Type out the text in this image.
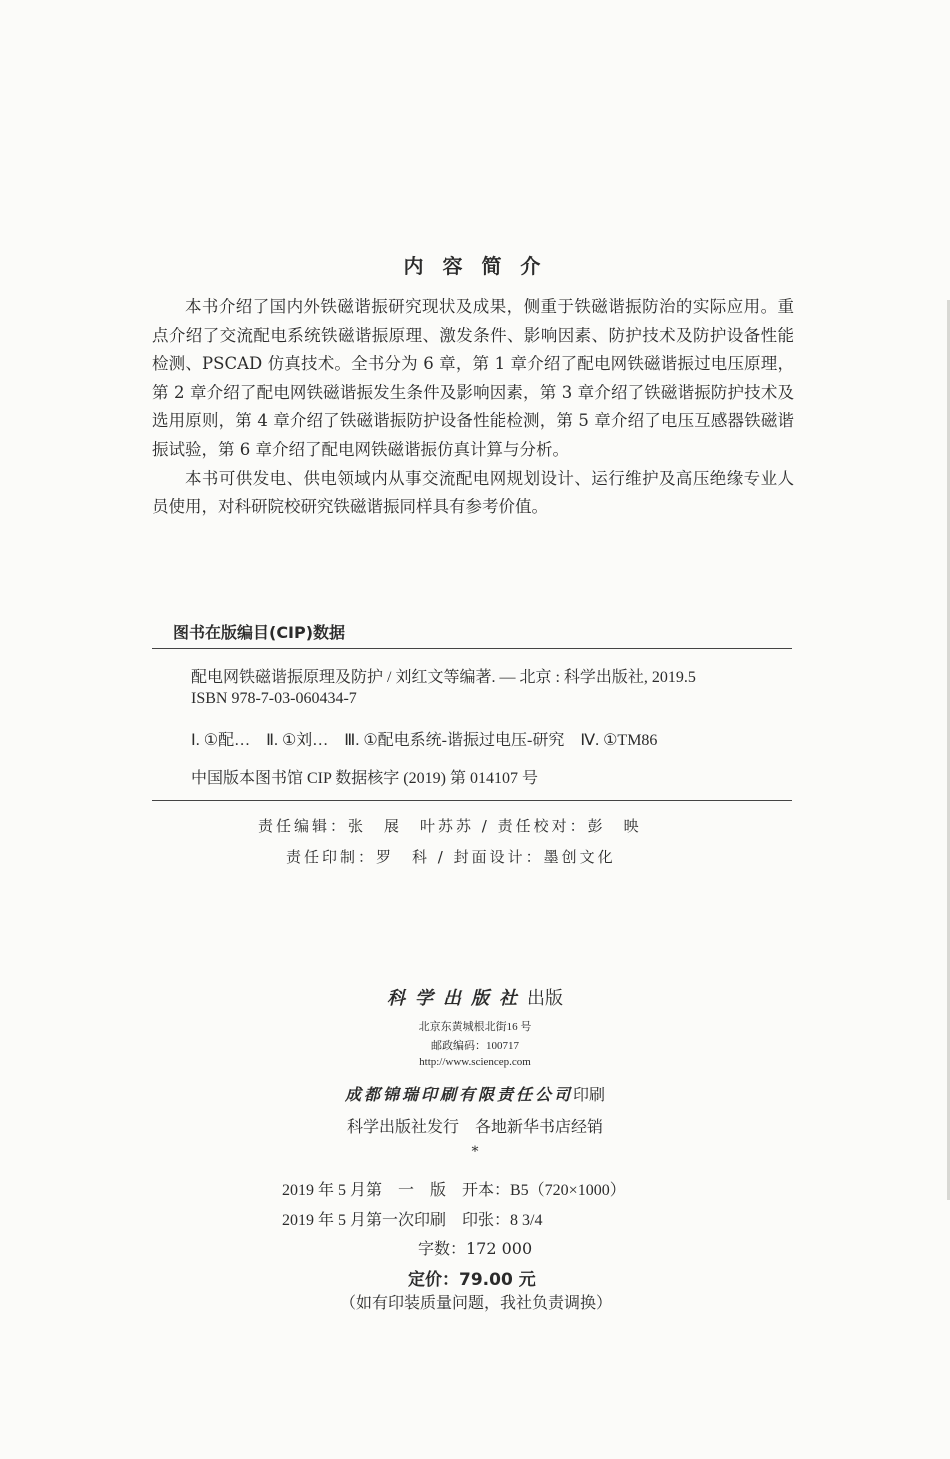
内 容 简 介

本书介绍了国内外铁磁谐振研究现状及成果，侧重于铁磁谐振防治的实际应用。重点介绍了交流配电系统铁磁谐振原理、激发条件、影响因素、防护技术及防护设备性能检测、PSCAD 仿真技术。全书分为 6 章，第 1 章介绍了配电网铁磁谐振过电压原理，第 2 章介绍了配电网铁磁谐振发生条件及影响因素，第 3 章介绍了铁磁谐振防护技术及选用原则，第 4 章介绍了铁磁谐振防护设备性能检测，第 5 章介绍了电压互感器铁磁谐振试验，第 6 章介绍了配电网铁磁谐振仿真计算与分析。

本书可供发电、供电领域内从事交流配电网规划设计、运行维护及高压绝缘专业人员使用，对科研院校研究铁磁谐振同样具有参考价值。

图书在版编目(CIP)数据
配电网铁磁谐振原理及防护 / 刘红文等编著. — 北京 : 科学出版社, 2019.5
ISBN 978-7-03-060434-7
Ⅰ. ①配…　Ⅱ. ①刘…　Ⅲ. ①配电系统-谐振过电压-研究　Ⅳ. ①TM86
中国版本图书馆 CIP 数据核字 (2019) 第 014107 号
责任编辑：张　展　叶苏苏 / 责任校对：彭　映
责任印制：罗　科 / 封面设计：墨创文化
科学出版社出版
北京东黄城根北街16 号
邮政编码：100717
http://www.sciencep.com
成都锦瑞印刷有限责任公司印刷
科学出版社发行　各地新华书店经销
*
2019 年 5 月第　一　版　开本：B5（720×1000）
2019 年 5 月第一次印刷　印张：8 3/4
字数：172 000
定价：79.00 元
（如有印装质量问题，我社负责调换）
